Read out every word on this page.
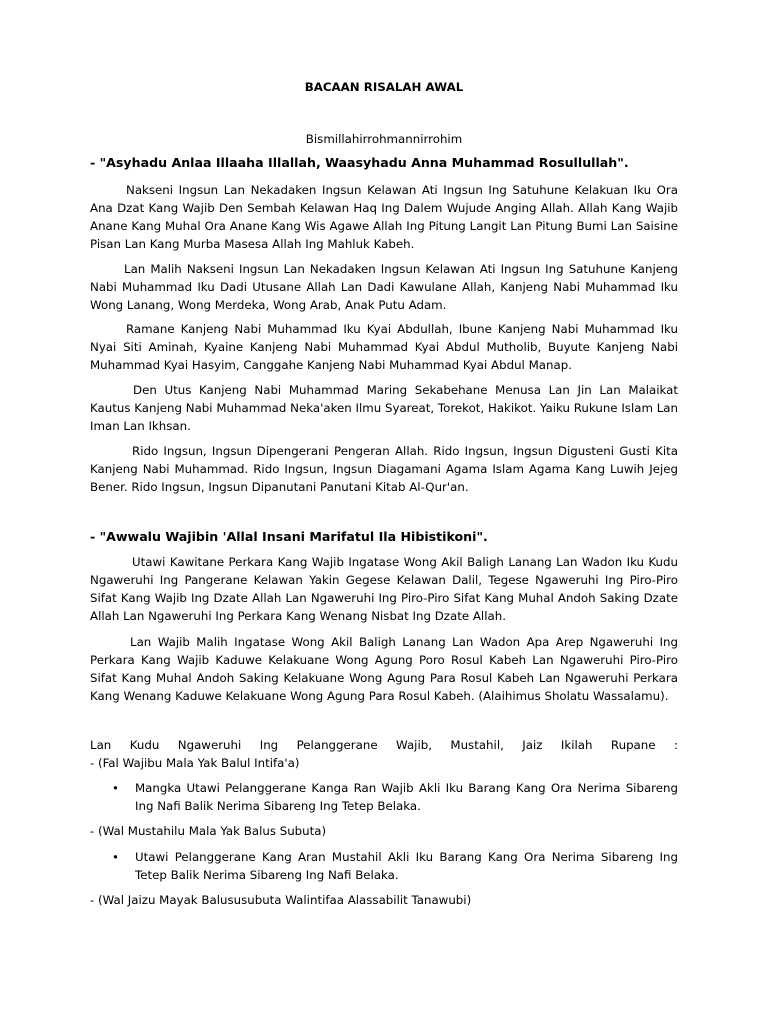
BACAAN RISALAH AWAL
Bismillahirrohmannirrohim
- "Asyhadu Anlaa Illaaha Illallah, Waasyhadu Anna Muhammad Rosullullah".
Nakseni Ingsun Lan Nekadaken Ingsun Kelawan Ati Ingsun Ing Satuhune Kelakuan Iku Ora Ana Dzat Kang Wajib Den Sembah Kelawan Haq Ing Dalem Wujude Anging Allah. Allah Kang Wajib Anane Kang Muhal Ora Anane Kang Wis Agawe Allah Ing Pitung Langit Lan Pitung Bumi Lan Saisine Pisan Lan Kang Murba Masesa Allah Ing Mahluk Kabeh.
Lan Malih Nakseni Ingsun Lan Nekadaken Ingsun Kelawan Ati Ingsun Ing Satuhune Kanjeng Nabi Muhammad Iku Dadi Utusane Allah Lan Dadi Kawulane Allah, Kanjeng Nabi Muhammad Iku Wong Lanang, Wong Merdeka, Wong Arab, Anak Putu Adam.
Ramane Kanjeng Nabi Muhammad Iku Kyai Abdullah, Ibune Kanjeng Nabi Muhammad Iku Nyai Siti Aminah, Kyaine Kanjeng Nabi Muhammad Kyai Abdul Mutholib, Buyute Kanjeng Nabi Muhammad Kyai Hasyim, Canggahe Kanjeng Nabi Muhammad Kyai Abdul Manap.
Den Utus Kanjeng Nabi Muhammad Maring Sekabehane Menusa Lan Jin Lan Malaikat Kautus Kanjeng Nabi Muhammad Neka'aken Ilmu Syareat, Torekot, Hakikot. Yaiku Rukune Islam Lan Iman Lan Ikhsan.
Rido Ingsun, Ingsun Dipengerani Pengeran Allah. Rido Ingsun, Ingsun Digusteni Gusti Kita Kanjeng Nabi Muhammad. Rido Ingsun, Ingsun Diagamani Agama Islam Agama Kang Luwih Jejeg Bener. Rido Ingsun, Ingsun Dipanutani Panutani Kitab Al-Qur'an.
- "Awwalu Wajibin 'Allal Insani Marifatul Ila Hibistikoni".
Utawi Kawitane Perkara Kang Wajib Ingatase Wong Akil Baligh Lanang Lan Wadon Iku Kudu Ngaweruhi Ing Pangerane Kelawan Yakin Gegese Kelawan Dalil, Tegese Ngaweruhi Ing Piro-Piro Sifat Kang Wajib Ing Dzate Allah Lan Ngaweruhi Ing Piro-Piro Sifat Kang Muhal Andoh Saking Dzate Allah Lan Ngaweruhi Ing Perkara Kang Wenang Nisbat Ing Dzate Allah.
Lan Wajib Malih Ingatase Wong Akil Baligh Lanang Lan Wadon Apa Arep Ngaweruhi Ing Perkara Kang Wajib Kaduwe Kelakuane Wong Agung Poro Rosul Kabeh Lan Ngaweruhi Piro-Piro Sifat Kang Muhal Andoh Saking Kelakuane Wong Agung Para Rosul Kabeh Lan Ngaweruhi Perkara Kang Wenang Kaduwe Kelakuane Wong Agung Para Rosul Kabeh. (Alaihimus Sholatu Wassalamu).
Lan Kudu Ngaweruhi Ing Pelanggerane Wajib, Mustahil, Jaiz Ikilah Rupane :
- (Fal Wajibu Mala Yak Balul Intifa'a)
• Mangka Utawi Pelanggerane Kanga Ran Wajib Akli Iku Barang Kang Ora Nerima Sibareng Ing Nafi Balik Nerima Sibareng Ing Tetep Belaka.
- (Wal Mustahilu Mala Yak Balus Subuta)
• Utawi Pelanggerane Kang Aran Mustahil Akli Iku Barang Kang Ora Nerima Sibareng Ing Tetep Balik Nerima Sibareng Ing Nafi Belaka.
- (Wal Jaizu Mayak Balususubuta Walintifaa Alassabilit Tanawubi)
